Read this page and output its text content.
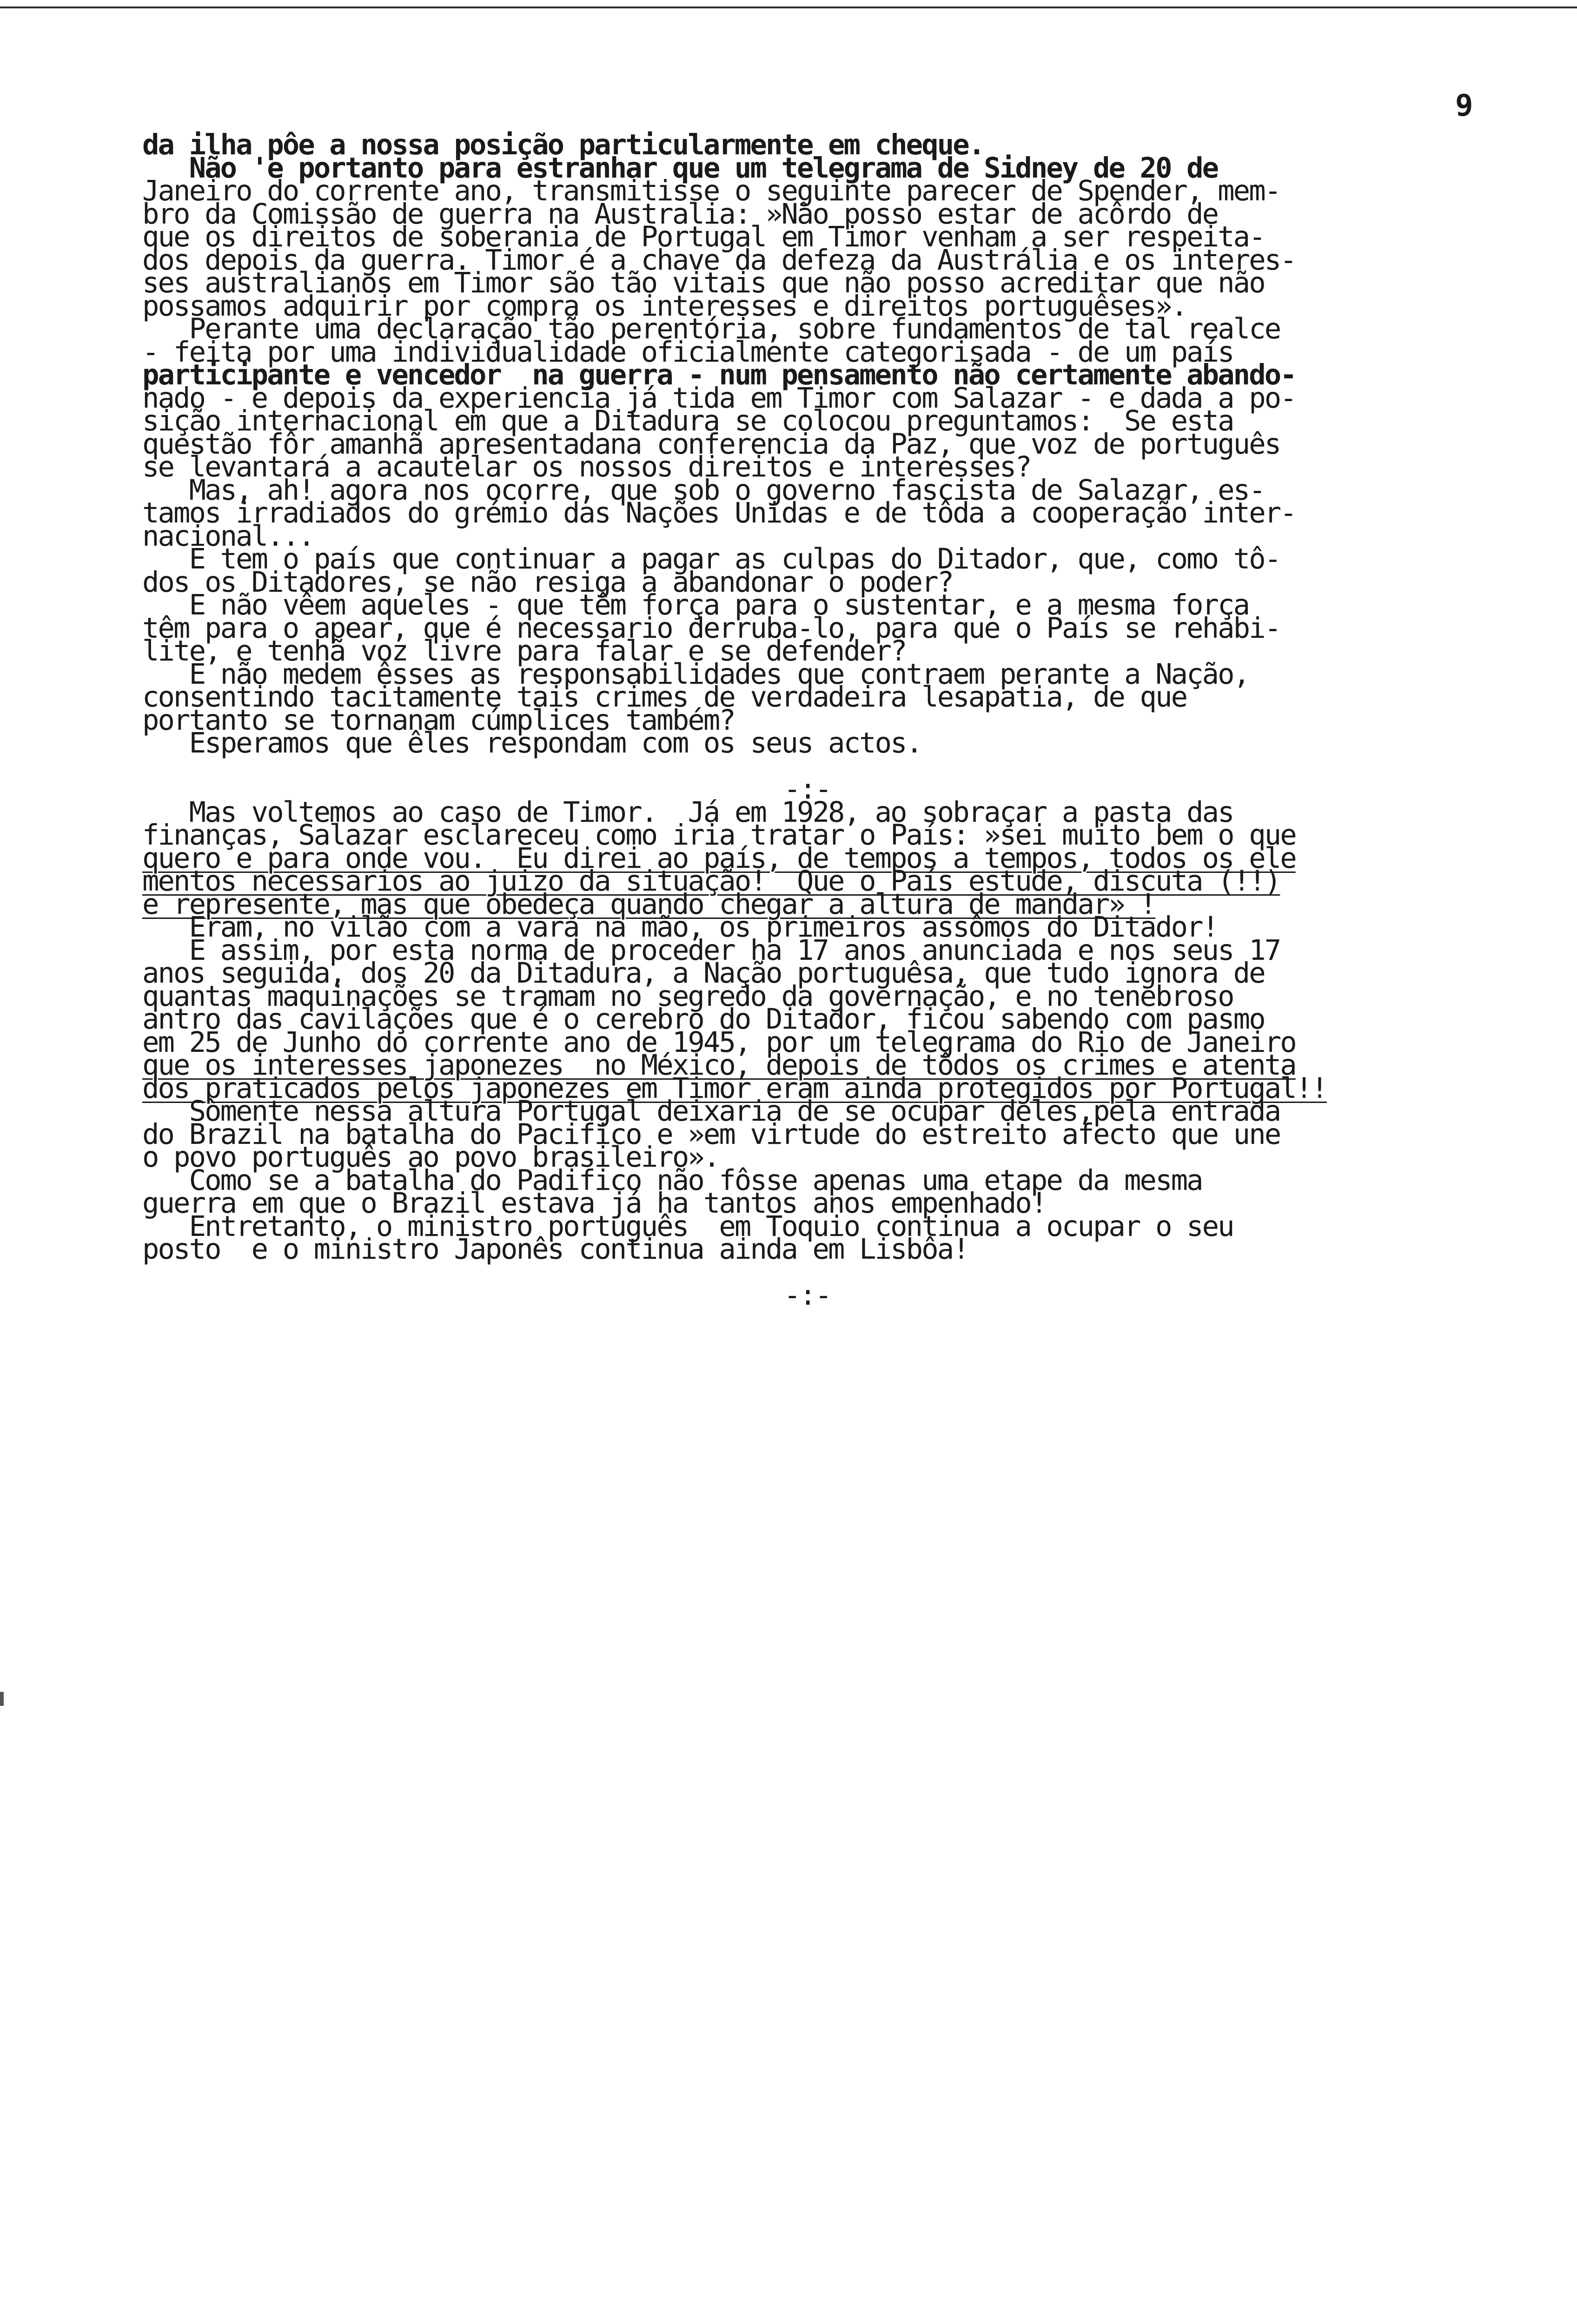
9
da ilha pôe a nossa posição particularmente em cheque.
Não 'e portanto para estranhar que um telegrama de Sidney de 20 de
Janeiro do corrente ano, transmitisse o seguinte parecer de Spender, mem-
bro da Comissão de guerra na Australia: »Não posso estar de acôrdo de
que os direitos de soberania de Portugal em Timor venham a ser respeita-
dos depois da guerra. Timor é a chave da defeza da Austrália e os interes-
ses australianos em Timor são tão vitais que não posso acreditar que não
possamos adquirir por compra os interesses e direitos portuguêses».
Perante uma declaração tão perentória, sobre fundamentos de tal realce
- feita por uma individualidade oficialmente categorisada - de um país
participante e vencedor  na guerra - num pensamento não certamente abando-
nado - e depois da experiencia já tida em Timor com Salazar - e dada a po-
sição internacional em que a Ditadura se colocou preguntamos:  Se esta
questão fôr amanhã apresentadana conferencia da Paz, que voz de português
se levantará a acautelar os nossos direitos e interesses?
Mas, ah! agora nos ocorre, que sob o governo fascista de Salazar, es-
tamos irradiados do grémio das Nações Unidas e de tôda a cooperação inter-
nacional...
E tem o país que continuar a pagar as culpas do Ditador, que, como tô-
dos os Ditadores, se não resiga a abandonar o poder?
E não vêem aqueles - que têm força para o sustentar, e a mesma força
têm para o apear, que é necessario derruba-lo, para que o País se rehabi-
lite, e tenhã voz livre para falar e se defender?
E não medem êsses as responsabilidades que contraem perante a Nação,
consentindo tacitamente tais crimes de verdadeira lesapatia, de que
portanto se tornanam cúmplices também?
Esperamos que êles respondam com os seus actos.
-:-
Mas voltemos ao caso de Timor.  Já em 1928, ao sobraçar a pasta das
finanças, Salazar esclareceu como iria tratar o País: »sei muito bem o que
quero e para onde vou.  Eu direi ao país, de tempos a tempos, todos os ele
mentos necessarios ao juizo da situação!  Que o País estude, discuta (!!)
e represente, mas que obedeça quando chegar a altura de mandar» !
Eram, no vilão com a vara na mão, os primeiros assômos do Ditador!
E assim, por esta norma de proceder ha 17 anos anunciada e nos seus 17
anos seguida, dos 20 da Ditadura, a Nação portuguêsa, que tudo ignora de
quantas maquinações se tramam no segredo da governação, e no tenebroso
antro das cavilações que é o cerebro do Ditador, ficou sabendo com pasmo
em 25 de Junho do corrente ano de 1945, por um telegrama do Rio de Janeiro
que os interesses japonezes  no México, depois de tôdos os crimes e atenta
dos praticados pelos japonezes em Timor eram ainda protegidos por Portugal!!
Sòmente nessa altura Portugal deixaria de se ocupar deles,pela entrada
do Brazil na batalha do Pacifico e »em virtude do estreito afecto que une
o povo português ao povo brasileiro».
Como se a batalha do Padifico não fôsse apenas uma etape da mesma
guerra em que o Brazil estava já ha tantos anos empenhado!
Entretanto, o ministro português  em Toquio continua a ocupar o seu
posto  e o ministro Japonês continua ainda em Lisbôa!
-:-
